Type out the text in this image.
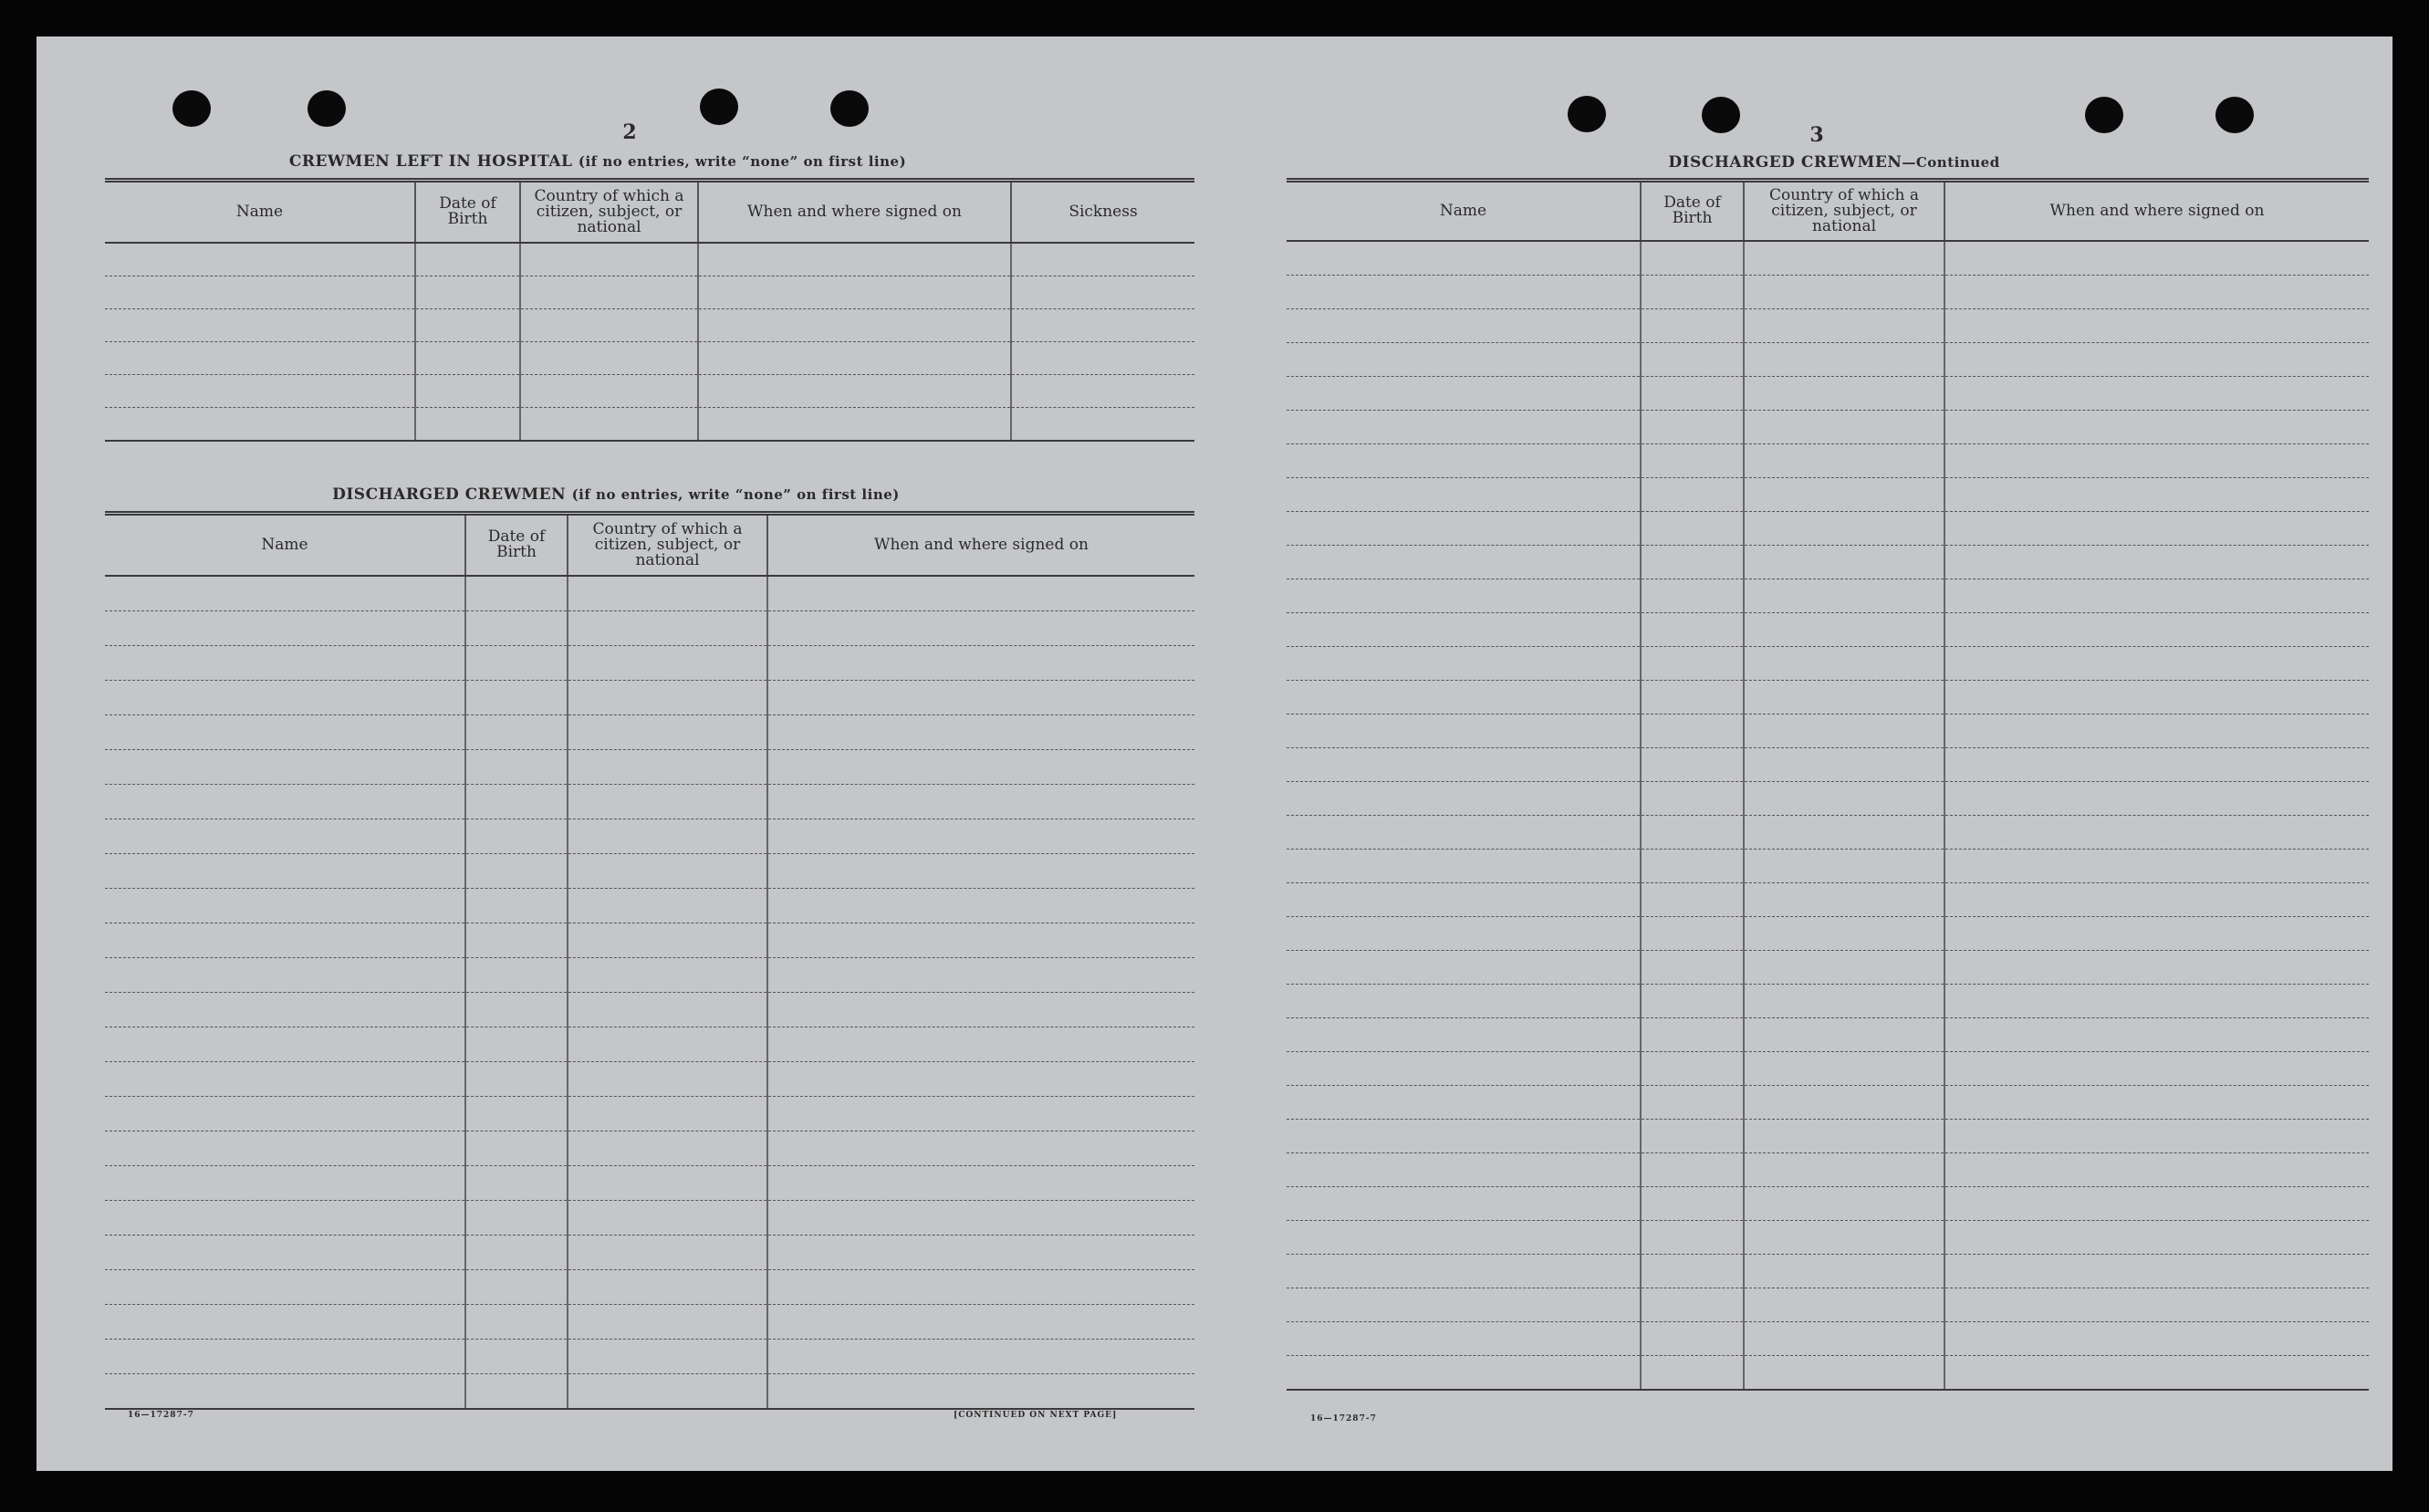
2
CREWMEN LEFT IN HOSPITAL (if no entries, write “none” on first line)
Name	Date of Birth	Country of which a citizen, subject, or national	When and where signed on	Sickness

DISCHARGED CREWMEN (if no entries, write “none” on first line)
Name	Date of Birth	Country of which a citizen, subject, or national	When and where signed on

16—17287-7	[CONTINUED ON NEXT PAGE]
3
DISCHARGED CREWMEN—Continued
Name	Date of Birth	Country of which a citizen, subject, or national	When and where signed on

16—17287-7
